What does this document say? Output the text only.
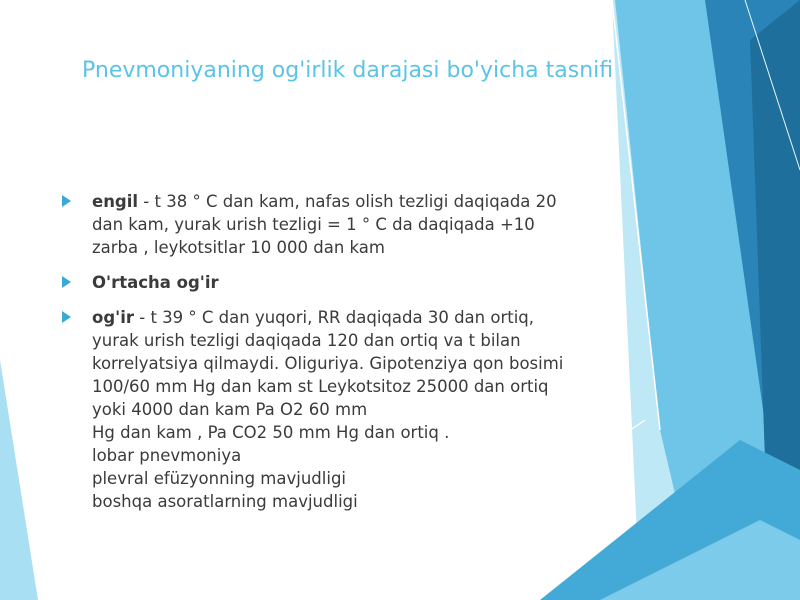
Pnevmoniyaning og'irlik darajasi bo'yicha tasnifi
engil - t 38 ° C dan kam, nafas olish tezligi daqiqada 20
dan kam, yurak urish tezligi = 1 ° C da daqiqada +10
zarba , leykotsitlar 10 000 dan kam
O'rtacha og'ir
og'ir - t 39 ° C dan yuqori, RR daqiqada 30 dan ortiq,
yurak urish tezligi daqiqada 120 dan ortiq va t bilan
korrelyatsiya qilmaydi. Oliguriya. Gipotenziya qon bosimi
100/60 mm Hg dan kam st Leykotsitoz 25000 dan ortiq
yoki 4000 dan kam Pa O2 60 mm
Hg dan kam , Pa CO2 50 mm Hg dan ortiq .
lobar pnevmoniya
plevral efüzyonning mavjudligi
boshqa asoratlarning mavjudligi
